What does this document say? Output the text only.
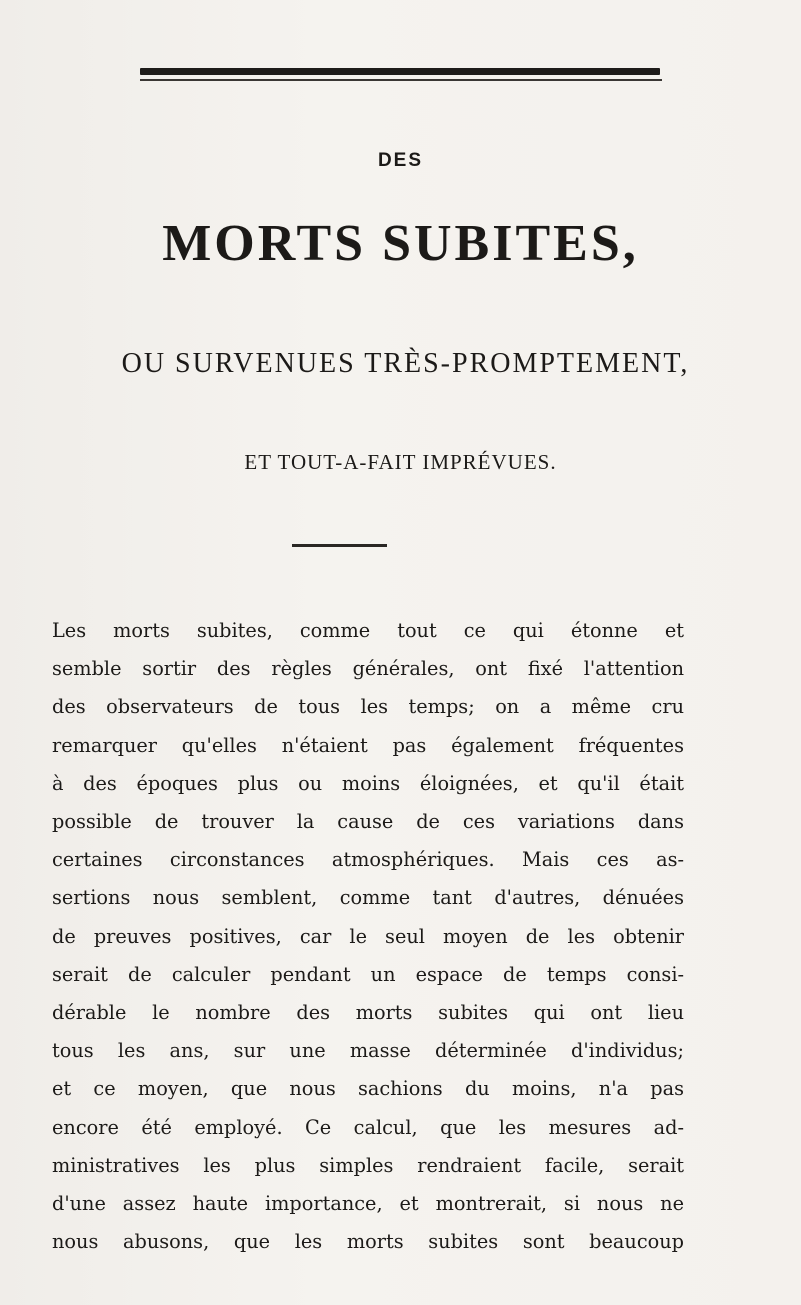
DES
MORTS SUBITES,
OU SURVENUES TRÈS-PROMPTEMENT,
ET TOUT-A-FAIT IMPRÉVUES.
Les morts subites, comme tout ce qui étonne et
semble sortir des règles générales, ont fixé l'attention
des observateurs de tous les temps; on a même cru
remarquer qu'elles n'étaient pas également fréquentes
à des époques plus ou moins éloignées, et qu'il était
possible de trouver la cause de ces variations dans
certaines circonstances atmosphériques. Mais ces as-
sertions nous semblent, comme tant d'autres, dénuées
de preuves positives, car le seul moyen de les obtenir
serait de calculer pendant un espace de temps consi-
dérable le nombre des morts subites qui ont lieu
tous les ans, sur une masse déterminée d'individus;
et ce moyen, que nous sachions du moins, n'a pas
encore été employé. Ce calcul, que les mesures ad-
ministratives les plus simples rendraient facile, serait
d'une assez haute importance, et montrerait, si nous ne
nous abusons, que les morts subites sont beaucoup
